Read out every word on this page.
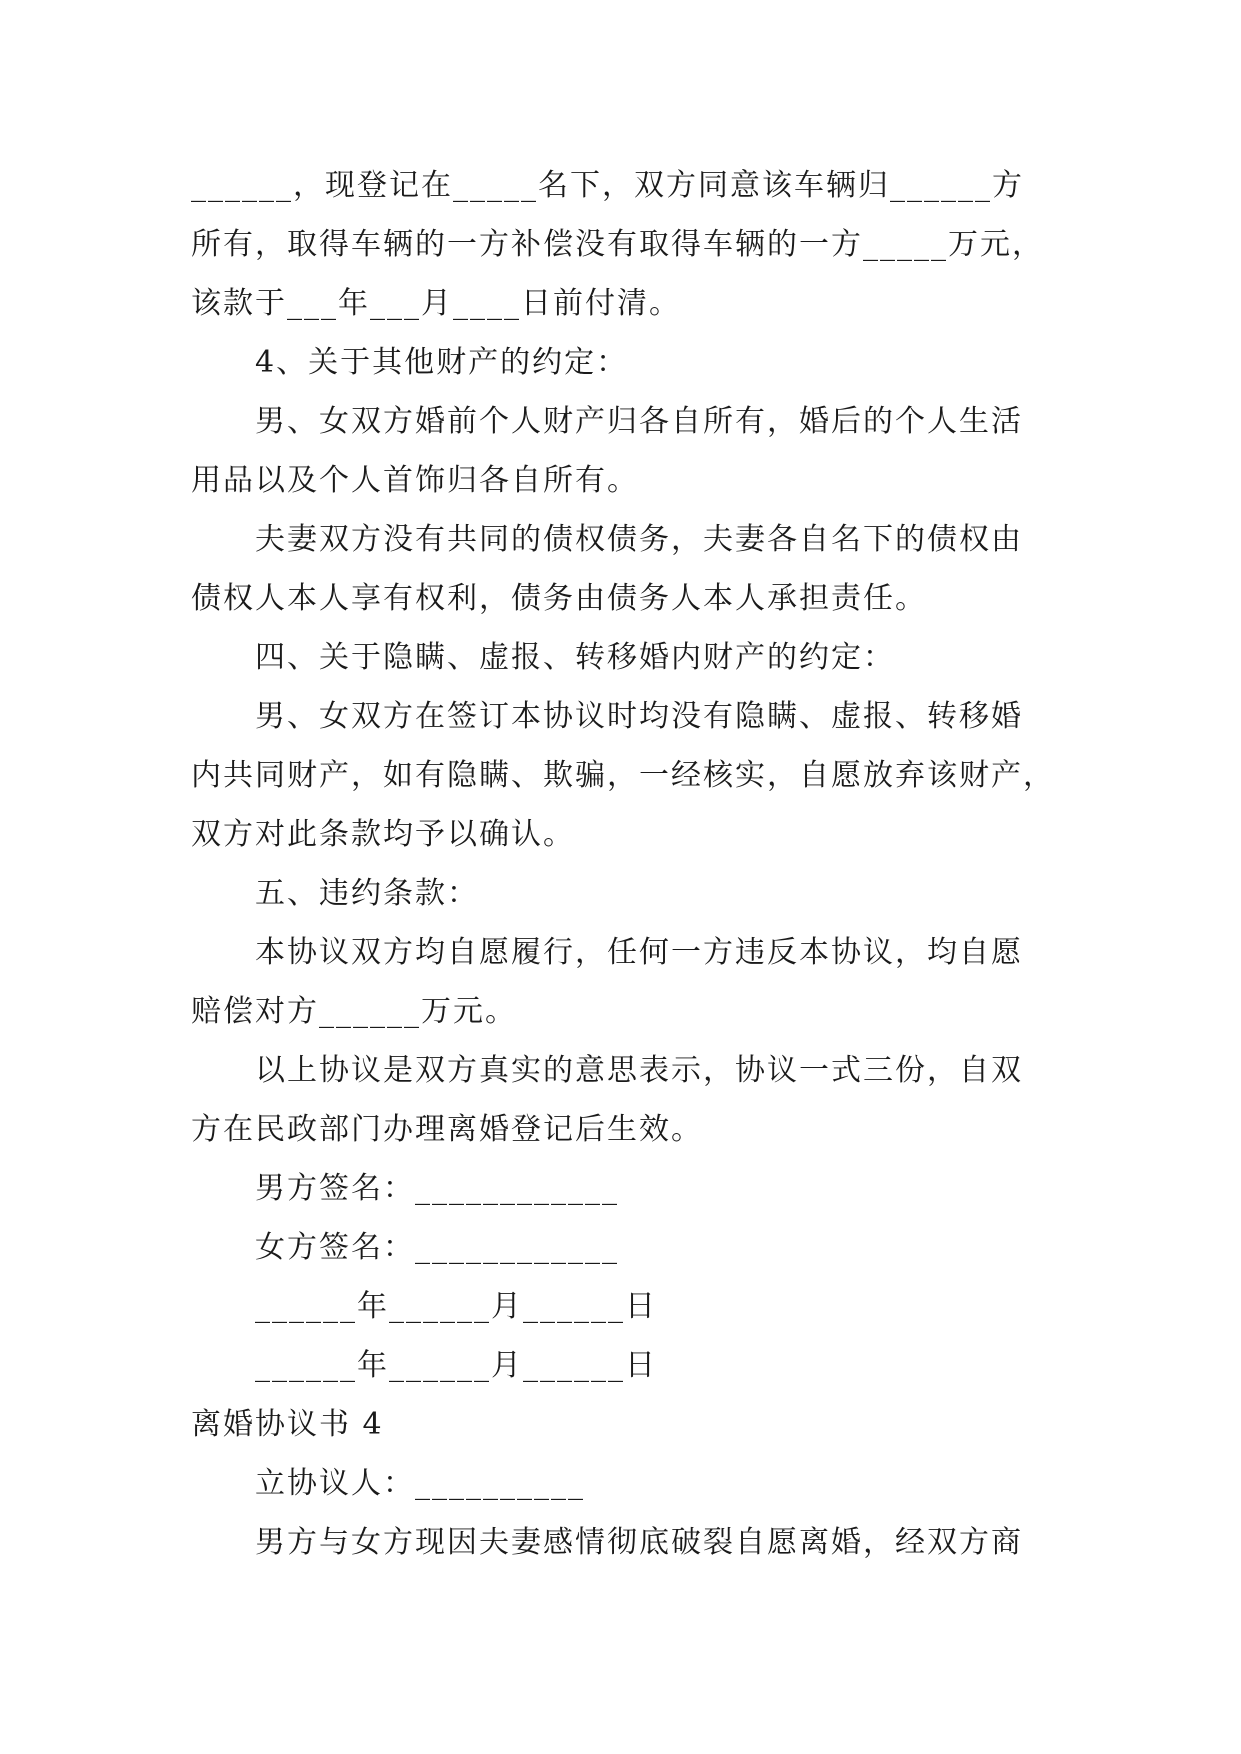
______，现登记在_____名下，双方同意该车辆归______方
所有，取得车辆的一方补偿没有取得车辆的一方_____万元，
该款于___年___月____日前付清。
4、关于其他财产的约定：
男、女双方婚前个人财产归各自所有，婚后的个人生活
用品以及个人首饰归各自所有。
夫妻双方没有共同的债权债务，夫妻各自名下的债权由
债权人本人享有权利，债务由债务人本人承担责任。
四、关于隐瞒、虚报、转移婚内财产的约定：
男、女双方在签订本协议时均没有隐瞒、虚报、转移婚
内共同财产，如有隐瞒、欺骗，一经核实，自愿放弃该财产，
双方对此条款均予以确认。
五、违约条款：
本协议双方均自愿履行，任何一方违反本协议，均自愿
赔偿对方______万元。
以上协议是双方真实的意思表示，协议一式三份，自双
方在民政部门办理离婚登记后生效。
男方签名：____________
女方签名：____________
______年______月______日
______年______月______日
离婚协议书 4
立协议人：__________
男方与女方现因夫妻感情彻底破裂自愿离婚，经双方商
